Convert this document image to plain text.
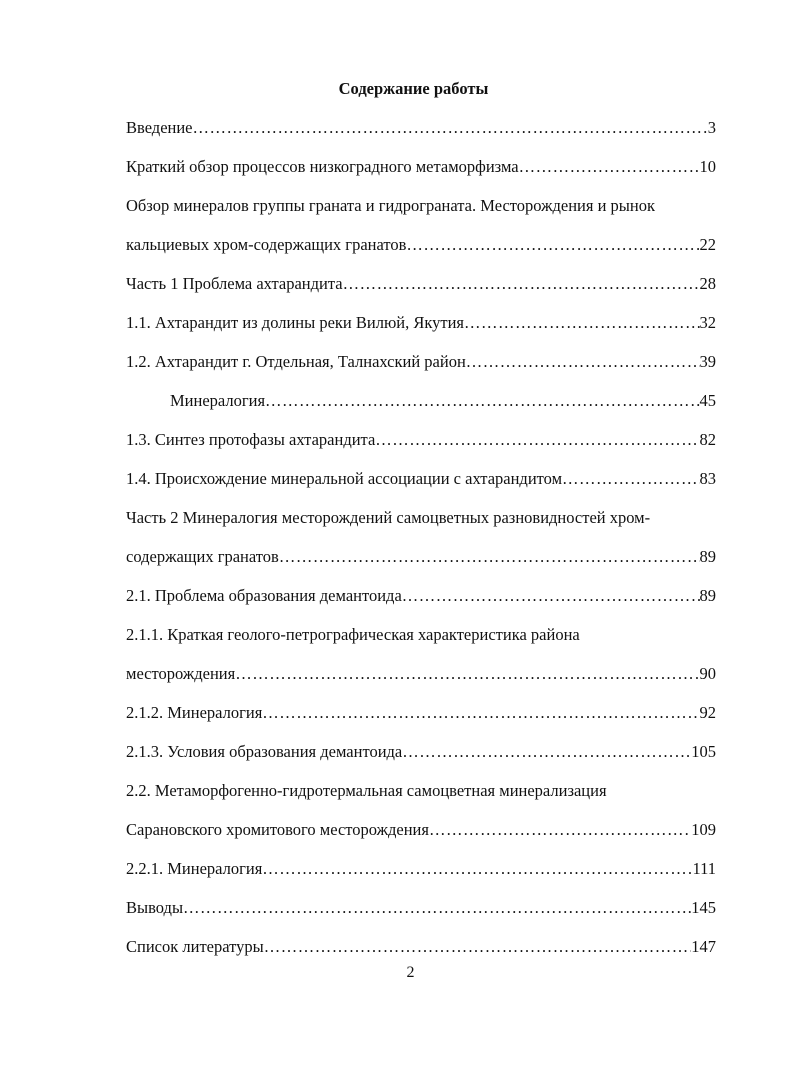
Содержание работы
Введение ………………………………………………………………………………………………………………………………………………………………………………	3
Краткий обзор процессов низкоградного метаморфизма ………………………………………………………………………………………………………………………………………………………………………………	10
Обзор минералов группы граната и гидрограната. Месторождения и рынок
кальциевых хром-содержащих гранатов ………………………………………………………………………………………………………………………………………………………………………………	22
Часть 1 Проблема ахтарандита ………………………………………………………………………………………………………………………………………………………………………………	28
1.1. Ахтарандит из долины реки Вилюй, Якутия ………………………………………………………………………………………………………………………………………………………………………………	32
1.2. Ахтарандит г. Отдельная, Талнахский район ………………………………………………………………………………………………………………………………………………………………………………	39
Минералогия ………………………………………………………………………………………………………………………………………………………………………………	45
1.3. Синтез протофазы ахтарандита ………………………………………………………………………………………………………………………………………………………………………………	82
1.4. Происхождение минеральной ассоциации с ахтарандитом ………………………………………………………………………………………………………………………………………………………………………………	83
Часть 2 Минералогия месторождений самоцветных разновидностей хром-
содержащих гранатов ………………………………………………………………………………………………………………………………………………………………………………	89
2.1. Проблема образования демантоида ………………………………………………………………………………………………………………………………………………………………………………	89
2.1.1. Краткая геолого-петрографическая характеристика района
месторождения ………………………………………………………………………………………………………………………………………………………………………………	90
2.1.2. Минералогия ………………………………………………………………………………………………………………………………………………………………………………	92
2.1.3. Условия образования демантоида ………………………………………………………………………………………………………………………………………………………………………………	105
2.2. Метаморфогенно-гидротермальная самоцветная минерализация
Сарановского хромитового месторождения ………………………………………………………………………………………………………………………………………………………………………………	109
2.2.1. Минералогия ………………………………………………………………………………………………………………………………………………………………………………	111
Выводы ………………………………………………………………………………………………………………………………………………………………………………	145
Список литературы ………………………………………………………………………………………………………………………………………………………………………………	147
2
